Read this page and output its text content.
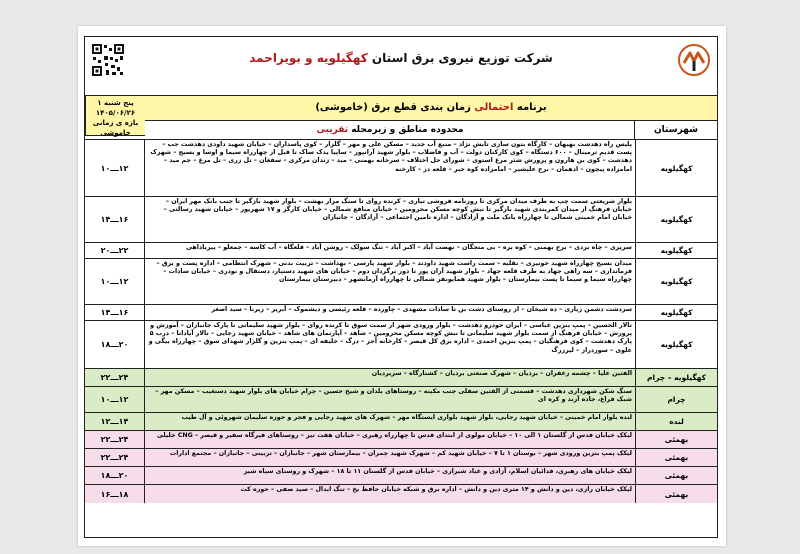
شرکت توزیع نیروی برق استان کهگیلویه و بویراحمد
برنامه احتمالی زمان بندی قطع برق (خاموشی)
پنج شنبه ۱
۱۴۰۵/۰۶/۲۶
بازه ی زمانی
خاموشی	شهرستان
محدوده مناطق و زیرمحله تقریبی
کهگیلویه
پلیس راه دهدشت بهبهان – کارگاه بتون سازی تابش نژاد – منبع آب جدید – مسکن علی و مهر – گلزار – کوی پاسداران – خیابان شهید داودی دهدشت جب – پست قدیم ترمینال – ۶۰۰ دستگاه – کوی کارکنان دولت – آب و فاضلاب – بلوار شهید آرانپور – ساپیا یدک ساک تا قبل از چهارراه سیما و اوسا و بسیج – شهرک دهدشت – کوی بن هارون و پرورش شتر مرغ استوی – شورای حل اختلاف – سرخانه بهمنی – مید – زندان مرکزی – سفغان – تل زری – تل مرغ – جم مید – امامزاده پیچون – ادهمان – برج علیشیر – امامزاده کوه جبر – قلعه دز – کارخنه
۱۲ـــ۱۰
کهگیلویه
بلوار شریعتی سمت چپ به طرف میدان مرکزی تا روزنامه فروشی تباری – کرنده روای تا سنگ مزار بهشت – بلوار شهید بازگیر تا جنب بانک مهر ایران – خیابان فرهنگ از میدان کمربندی شهید بازگیر تا نبش کوچه مسکن محرومین – خیابان منافع شمالی – خیابان کارگر و ۱۷ شهریور – خیابان شهید رسالتی – خیابان امام خمینی شمالی تا چهارراه بانک ملت و آزادگان – اداره تامین اجتماعی – آزادگان – جانبازان
۱۶ـــ۱۴
کهگیلویه
سریری – چاه بردی – برج بهمنی – کوه بره – بی متجگان – نهضت آباد – اکبر آباد – تنگ سولک – روشن آباد – قلعگاه – آب کاسه – جمعلو – پیرباداهی
۲۲ـــ۲۰
کهگیلویه
میدان بسیج چهارراه شهید خونیری – نقلیه – سمت راست شهید داودند – بلوار شهید پارسی – بهداشت – تربیت بدنی – شهرک انتظامی – اداره پست و برق – فرمانداری – سه راهی جهاد به طرف قلعه جهاد – بلوار شهید آران پور تا دور برگردان دوم – خیابان های شهید دستیار، دستقال و نودری – خیابان سادات – چهارراه سیما و سیما تا پست بیمارستان – بلوار شهید همایونفر شمالی تا چهارراه آرمانشهر – دبیرستان بیمارستان
۱۲ـــ۱۰
کهگیلویه
سردشت دشمن زیاری – ده شیخان – از روستای دشت بن تا سادات مشهدی – چاورده – قلعه رئیسی و دیشموک – آبریز – زیرنا – سید اصغر
۱۶ـــ۱۴
کهگیلویه
تالار الحسین – پمپ بنزین عباسی – ایران خودرو دهدشت – بلوار ورودی شهر از سمت سوق تا کرنده روای – بلوار شهید سلیمانی تا پارک جانبازان – آموزش و پرورش – خیابان فرهنگ از سمت بلوار شهید سلیمانی تا نبش کوچه مسکن محرومین – شاهد – آپارتمان های شاهد – خیابان شهید رجایی – تالار آپادانا – درب ۵ پارک دهدشت – کوی فرهنگیان – پمپ بنزین احمدی – اداره برق کل قیصر – کارخانه آجر – درگ – خلیفه ای – پمپ بنزین و گلزار شهدای سوق – چهارراه بیگی و علوی – سوردراز – لیرزرگ
۲۰ـــ۱۸
کهگیلویه – چرام
الفتین علیا – چشمه زعفران – بردیان – شهرک صنعتی بردیان – کشتارگاه – سریردیان
۲۴ـــ۲۲
چرام
سنگ شکن شهرداری دهدشت – قسمتی از الفتین سفلی جنب مکینه – روستاهای بلدان و شیخ حسین – چرام خیابان های بلوار شهید دستغیب – مسکن مهر – شبک فراغ، جاده آرند و کره ای
۱۲ـــ۱۰
لنده
لنده بلوار امام خمینی – خیابان شهید رجایی، بلوار شهید بلواری ایستگاه مهر – شهرک های شهید رجایی و فجر و حوزه سلیمان شهروئی و آل طیب
۱۴ـــ۱۲
بهمئی
لیکک خیابان فدس از گلستان ۱ الی ۱۰ – خیابان مولوی از ابتدای فدس تا چهارراه رهبری – خیابان هفت تیر – روستاهای فیرگاه سفیر و قیصر – CNG خلیلی
۲۴ـــ۲۲
بهمئی
لیکک پمپ بنزین ورودی شهر – بوستان ۱ تا ۷ – خیابان شهید کم – شهرک شهید چمران – بیمارستان شهر – جانبازان – تربیتی – جانبازان – مجتمع ادارات
۲۴ـــ۲۲
بهمئی
لیکک خیابان های رهبری، فدائیان اسلام، آزادی و عباد شیرازی – خیابان فدس از گلستان ۱۱ تا ۱۸ – شهرک و روستای سیاه شیر
۲۰ـــ۱۸
بهمئی
لیکک خیابان رازی، دین و دانش و ۱۴ متری دین و دانش – اداره برق و شبکه خیابان حافظ یخ – تنگ ابدال – سید صفی – حوزه کت
۱۸ـــ۱۶
